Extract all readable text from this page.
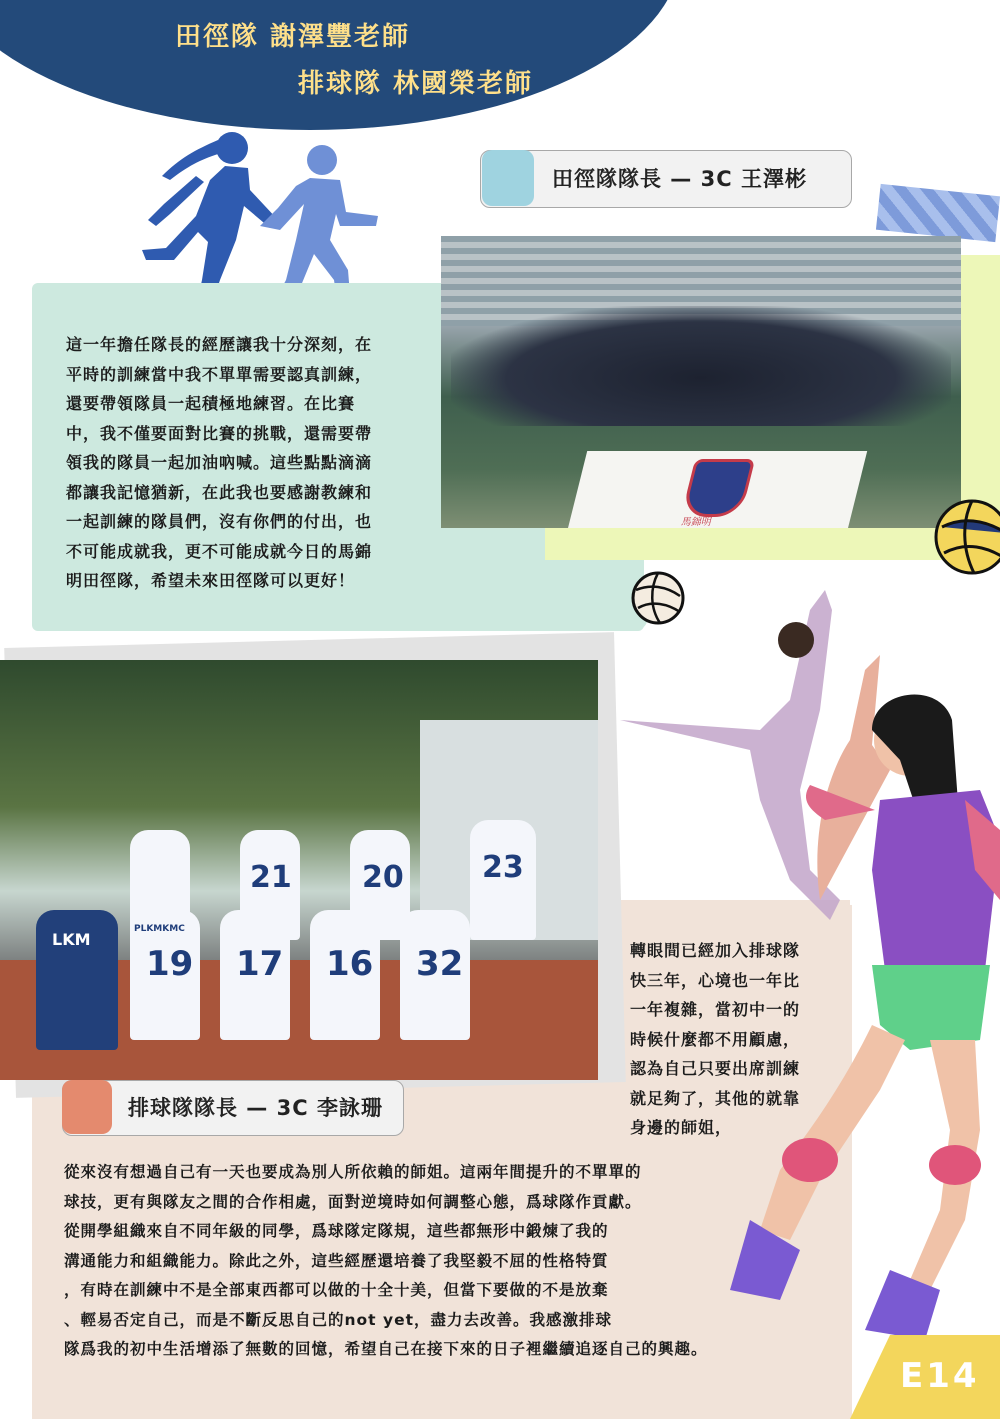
田徑隊 謝澤豐老師
排球隊 林國榮老師
田徑隊隊長 — 3C 王澤彬
馬錦明
這一年擔任隊長的經歷讓我十分深刻，在
平時的訓練當中我不單單需要認真訓練，
還要帶領隊員一起積極地練習。在比賽
中，我不僅要面對比賽的挑戰，還需要帶
領我的隊員一起加油吶喊。這些點點滴滴
都讓我記憶猶新，在此我也要感謝教練和
一起訓練的隊員們，沒有你們的付出，也
不可能成就我，更不可能成就今日的馬錦
明田徑隊，希望未來田徑隊可以更好！
21 20	23
LKM
PLKMKMC
19 17 16 32
排球隊隊長 — 3C 李詠珊
轉眼間已經加入排球隊
快三年，心境也一年比
一年複雜，當初中一的
時候什麼都不用顧慮，
認為自己只要出席訓練
就足夠了，其他的就靠
身邊的師姐，
從來沒有想過自己有一天也要成為別人所依賴的師姐。這兩年間提升的不單單的
球技，更有與隊友之間的合作相處，面對逆境時如何調整心態，爲球隊作貢獻。
從開學組織來自不同年級的同學，爲球隊定隊規，這些都無形中鍛煉了我的
溝通能力和組織能力。除此之外，這些經歷還培養了我堅毅不屈的性格特質
，有時在訓練中不是全部東西都可以做的十全十美，但當下要做的不是放棄
、輕易否定自己，而是不斷反思自己的not yet，盡力去改善。我感激排球
隊爲我的初中生活增添了無數的回憶，希望自己在接下來的日子裡繼續追逐自己的興趣。
E14
